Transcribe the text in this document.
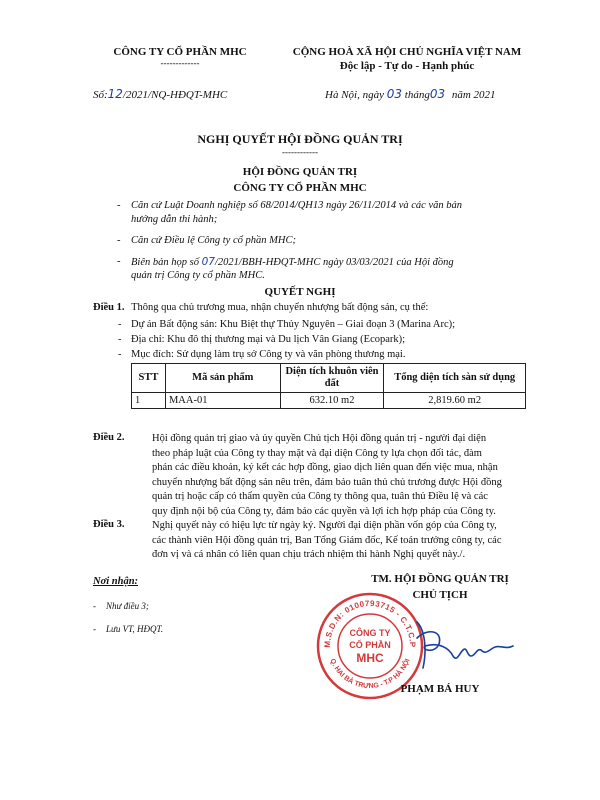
CÔNG TY CỔ PHẦN MHC
-------------
CỘNG HOÀ XÃ HỘI CHỦ NGHĨA VIỆT NAM
Độc lập - Tự do - Hạnh phúc
Số:12/2021/NQ-HĐQT-MHC	Hà Nội, ngày 03 tháng03 năm 2021
NGHỊ QUYẾT HỘI ĐỒNG QUẢN TRỊ
------------
HỘI ĐỒNG QUẢN TRỊ
CÔNG TY CỔ PHẦN MHC
- Căn cứ Luật Doanh nghiệp số 68/2014/QH13 ngày 26/11/2014 và các văn bản
hướng dẫn thi hành;
- Căn cứ Điều lệ Công ty cổ phần MHC;
- Biên bản họp số 07/2021/BBH-HĐQT-MHC ngày 03/03/2021 của Hội đồng
quản trị Công ty cổ phần MHC.
QUYẾT NGHỊ
Điều 1. Thông qua chủ trương mua, nhận chuyển nhượng bất động sản, cụ thể:
- Dự án Bất động sản: Khu Biệt thự Thủy Nguyên – Giai đoạn 3 (Marina Arc);
- Địa chỉ: Khu đô thị thương mại và Du lịch Vân Giang (Ecopark);
- Mục đích: Sử dụng làm trụ sở Công ty và văn phòng thương mại.
STT	Mã sản phẩm	Diện tích khuôn viên đất	Tổng diện tích sàn sử dụng
1	MAA-01	632.10 m2	2,819.60 m2
Điều 2.	Hội đồng quản trị giao và ủy quyền Chủ tịch Hội đồng quản trị - người đại diện
theo pháp luật của Công ty thay mặt và đại diện Công ty lựa chọn đối tác, đàm
phán các điều khoản, ký kết các hợp đồng, giao dịch liên quan đến việc mua, nhận
chuyển nhượng bất động sản nêu trên, đảm bảo tuân thủ chủ trương được Hội đồng
quản trị hoặc cấp có thẩm quyền của Công ty thông qua, tuân thủ Điều lệ và các
quy định nội bộ của Công ty, đảm bảo các quyền và lợi ích hợp pháp của Công ty.
Điều 3.	Nghị quyết này có hiệu lực từ ngày ký. Người đại diện phần vốn góp của Công ty,
các thành viên Hội đồng quản trị, Ban Tổng Giám đốc, Kế toán trưởng công ty, các
đơn vị và cá nhân có liên quan chịu trách nhiệm thi hành Nghị quyết này./.
Nơi nhận:
- Như điều 3;
- Lưu VT, HĐQT.
TM. HỘI ĐỒNG QUẢN TRỊ
CHỦ TỊCH
M.S.D.N: 0100793715 - C.T.C.P
Q. HAI BÀ TRƯNG - T.P HÀ NỘI
CÔNG TY
CỔ PHẦN
MHC
PHẠM BÁ HUY
